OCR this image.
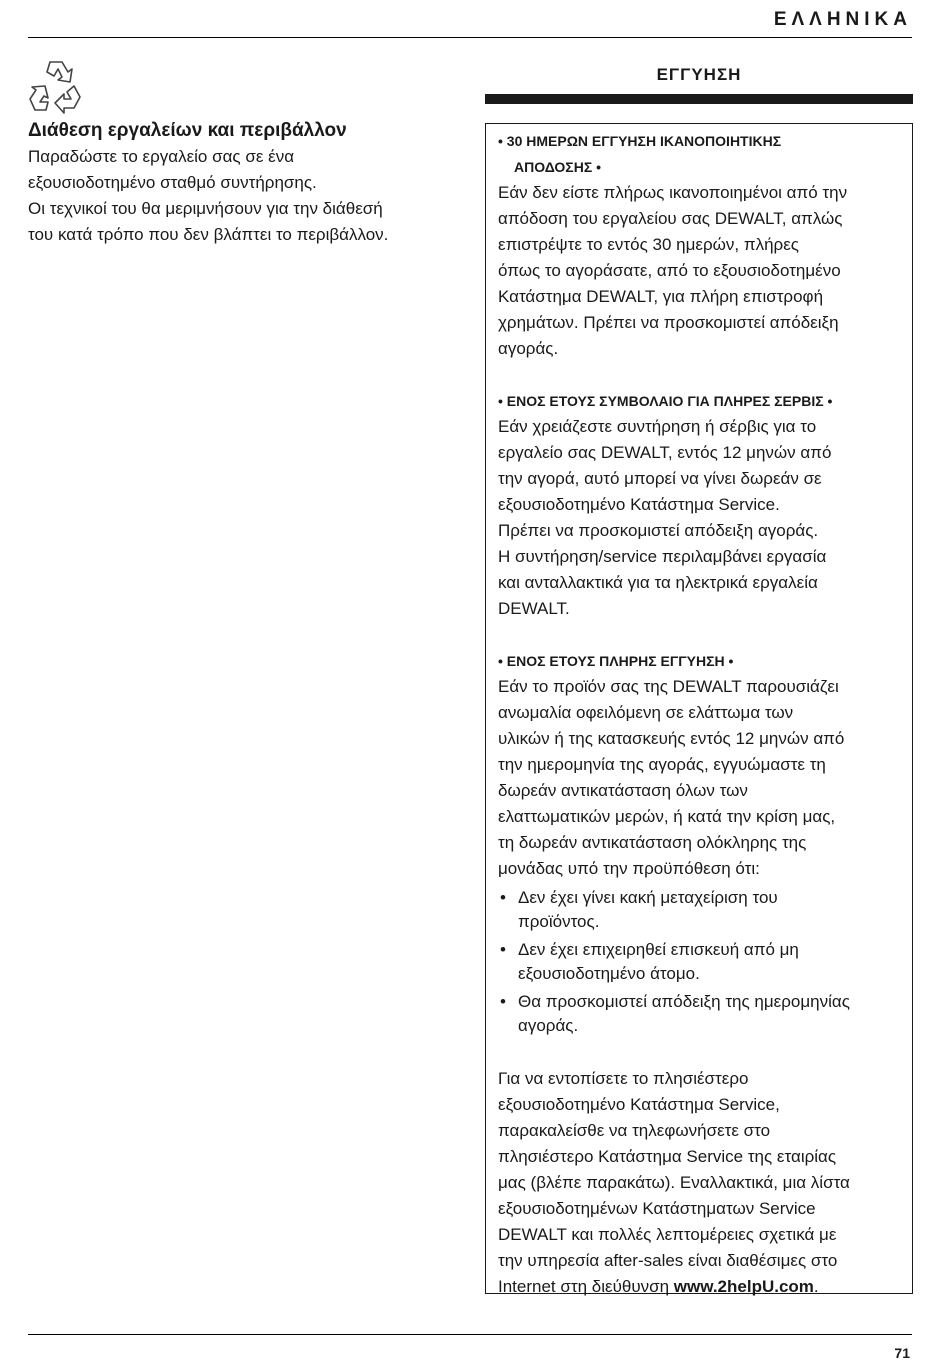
ΕΛΛΗΝΙΚΑ
Διάθεση εργαλείων και περιβάλλον

Παραδώστε το εργαλείο σας σε ένα
εξουσιοδοτημένο σταθμό συντήρησης.

Οι τεχνικοί του θα μεριμνήσουν για την διάθεσή
του κατά τρόπο που δεν βλάπτει το περιβάλλον.

ΕΓΓΥΗΣΗ

• 30 ΗΜΕΡΩΝ ΕΓΓΥΗΣΗ ΙΚΑΝΟΠΟΙΗΤΙΚΗΣ
ΑΠΟΔΟΣΗΣ •

Εάν δεν είστε πλήρως ικανοποιημένοι από την
απόδοση του εργαλείου σας DEWALT, απλώς
επιστρέψτε το εντός 30 ημερών, πλήρες
όπως το αγοράσατε, από το εξουσιοδοτημένο
Κατάστημα DEWALT, για πλήρη επιστροφή
χρημάτων. Πρέπει να προσκομιστεί απόδειξη
αγοράς.

• ΕΝΟΣ ΕΤΟΥΣ ΣΥΜΒΟΛΑΙΟ ΓΙΑ ΠΛΗΡΕΣ ΣΕΡΒΙΣ •

Εάν χρειάζεστε συντήρηση ή σέρβις για το
εργαλείο σας DEWALT, εντός 12 μηνών από
την αγορά, αυτό μπορεί να γίνει δωρεάν σε
εξουσιοδοτημένο Κατάστημα Service.
Πρέπει να προσκομιστεί απόδειξη αγοράς.
Η συντήρηση/service περιλαμβάνει εργασία
και ανταλλακτικά για τα ηλεκτρικά εργαλεία
DEWALT.

• ΕΝΟΣ ΕΤΟΥΣ ΠΛΗΡΗΣ ΕΓΓΥΗΣΗ •

Εάν το προϊόν σας της DEWALT παρουσιάζει
ανωμαλία οφειλόμενη σε ελάττωμα των
υλικών ή της κατασκευής εντός 12 μηνών από
την ημερομηνία της αγοράς, εγγυώμαστε τη
δωρεάν αντικατάσταση όλων των
ελαττωματικών μερών, ή κατά την κρίση μας,
τη δωρεάν αντικατάσταση ολόκληρης της
μονάδας υπό την προϋπόθεση ότι:

• Δεν έχει γίνει κακή μεταχείριση του
προϊόντος.
• Δεν έχει επιχειρηθεί επισκευή από μη
εξουσιοδοτημένο άτομο.
• Θα προσκομιστεί απόδειξη της ημερομηνίας
αγοράς.

Για να εντοπίσετε το πλησιέστερο
εξουσιοδοτημένο Κατάστημα Service,
παρακαλείσθε να τηλεφωνήσετε στο
πλησιέστερο Κατάστημα Service της εταιρίας
μας (βλέπε παρακάτω). Εναλλακτικά, μια λίστα
εξουσιοδοτημένων Κατάστηματων Service
DEWALT και πολλές λεπτομέρειες σχετικά με
την υπηρεσία after-sales είναι διαθέσιμες στο
Internet στη διεύθυνση www.2helpU.com.

71
